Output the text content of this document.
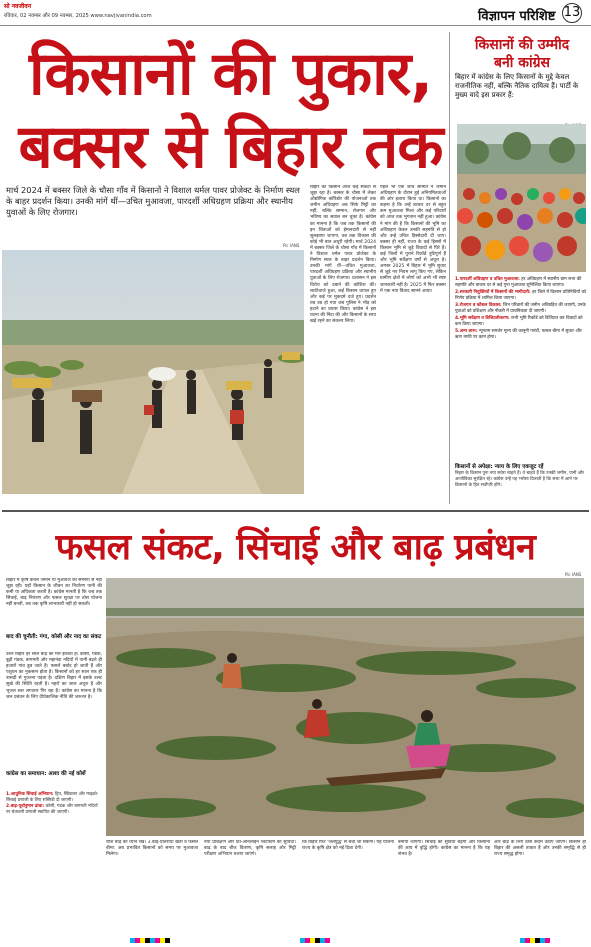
सो नवजीवन
रविवार, 02 नवम्बर और 09 नवम्बर, 2025 www.navjivanindia.com	विज्ञापन परिशिष्ट 13
किसानों की पुकार,
बक्सर से बिहार तक
मार्च 2024 में बक्सर जिले के चौसा गाँव में किसानों ने विशाल थर्मल पावर प्रोजेक्ट के निर्माण स्थल के बाहर प्रदर्शन किया। उनकी मांगें थीं—उचित मुआवजा, पारदर्शी अधिग्रहण प्रक्रिया और स्थानीय युवाओं के लिए रोजगार।
Pic IANS
बिहार का किसान आज कई संकटों से जूझ रहा है। बक्सर के चौसा में लेकर औद्योगिक कॉरिडोर की योजनाओं तक जमीन अधिग्रहण अब सिर्फ मिट्टी का नहीं, बल्कि सम्मान, रोजगार और भविष्य का सवाल बन चुका है। कांग्रेस का मानना है कि जब तक किसानों की इन चिंताओं को ईमानदारी से नहीं सुलझाया जाएगा, तब तक विकास की कोई भी बात अधूरी रहेगी। मार्च 2024 में बक्सर जिले के चौसा गाँव में किसानों ने विशाल थर्मल पावर प्रोजेक्ट के निर्माण स्थल के बाहर प्रदर्शन किया। उनकी मांगें थीं—उचित मुआवजा, पारदर्शी अधिग्रहण प्रक्रिया और स्थानीय युवाओं के लिए रोजगार। प्रशासन ने इस विरोध को दबाने की कोशिश की। लाठीचार्ज हुआ, कई किसान घायल हुए और कई पर मुकदमे दर्ज हुए। प्रदर्शन तब उग्र हो गया जब पुलिस ने भीड़ को हटाने का प्रयास किया। कांग्रेस ने इस घटना की निंदा की और किसानों के साथ खड़े रहने का संकल्प लिया।
पहले भी एक जांच समिति ने जमीन अधिग्रहण के दौरान हुई अनियमितताओं की ओर इशारा किया था। किसानों का कहना है कि उन्हें बाजार दर से बहुत कम मुआवजा मिला और कई परिवारों को आज तक भुगतान नहीं हुआ। कांग्रेस ने मांग की है कि किसानों की भूमि का अधिग्रहण केवल उनकी सहमति से हो और उन्हें उचित हिस्सेदारी दी जाए। बक्सर ही नहीं, राज्य के कई हिस्सों में किसान भूमि से जुड़े विवादों से घिरे हैं। कई जिलों में पुराने रिकॉर्ड त्रुटिपूर्ण हैं और भूमि सर्वेक्षण वर्षों से अधूरा है। अगस्त 2025 में बिहार में भूमि सुधार से जुड़े नए नियम लागू किए गए, लेकिन ग्रामीण क्षेत्रों में लोगों को अभी भी स्पष्ट जानकारी नहीं है। 2025 में फिर बक्सर में एक नया विवाद सामने आया।
किसानों की उम्मीद
बनी कांग्रेस
बिहार में कांग्रेस के लिए किसानों के मुद्दे केवल राजनीतिक नहीं, बल्कि नैतिक दायित्व हैं। पार्टी के मुख्य वादे इस प्रकार हैं:
1.पारदर्शी अधिग्रहण व उचित मुआवजा: हर अधिग्रहण में स्थानीय ग्राम सभा की सहमति और बाजार दर से कई गुना मुआवजा सुनिश्चित किया जाएगा।
2.सरकारी नियुक्तियों में किसानों की भागीदारी: हर जिले में किसान प्रतिनिधियों को निर्णय प्रक्रिया में शामिल किया जाएगा।
3.रोजगार व कौशल विकास: जिन परिवारों की जमीन अधिग्रहित की जाएगी, उनके युवाओं को प्रशिक्षण और नौकरी में प्राथमिकता दी जाएगी।
4.भूमि सर्वेक्षण व डिजिटलीकरण: सभी भूमि रिकॉर्ड को डिजिटल कर विवादों को कम किया जाएगा।
5.अन्य लाभ: न्यूनतम समर्थन मूल्य की कानूनी गारंटी, फसल बीमा में सुधार और ऋण माफी पर काम होगा।
किसानों से अपेक्षा: न्याय के लिए एकजुट रहें
बिहार के किसान पुनः नया सवेरा चाहते हैं। वे चाहते हैं कि उनकी जमीन, पानी और आजीविका सुरक्षित रहे। कांग्रेस उन्हें यह भरोसा दिलाती है कि सत्ता में आने पर किसानों के हित सर्वोपरि होंगे।
फसल संकट, सिंचाई और बाढ़ प्रबंधन
Pic IANS
बिहार में कृषि केवल जमीन या मुआवजे की समस्या से नहीं जूझ रही। यहाँ किसान के जीवन का निर्धारण पानी की कमी या अधिकता करती है। कांग्रेस मानती है कि जब तक सिंचाई, बाढ़ नियंत्रण और फसल सुरक्षा पर ठोस योजना नहीं बनती, तब तक कृषि लाभकारी नहीं हो सकती।
बाद की चुनौती: गंगा, कोसी और नाद का संकट
उत्तर बिहार हर साल बाढ़ की मार झेलता है। कोसी, गंडक, बूढ़ी गंडक, बागमती और महानंदा नदियों में पानी बढ़ते ही हजारों गांव डूब जाते हैं। फसलें बर्बाद हो जाती हैं और पशुधन का नुकसान होता है। किसानों को हर साल एक ही त्रासदी से गुजरना पड़ता है। दक्षिण बिहार में इसके उलट सूखे की स्थिति रहती है। नहरों का जाल अधूरा है और भूजल स्तर लगातार गिर रहा है। कांग्रेस का मानना है कि जल प्रबंधन के लिए दीर्घकालिक नीति की जरूरत है।
कांग्रेस का समाधान: आशा की नई कोशें
1.आधुनिक सिंचाई अभियान: ड्रिप, स्प्रिंकलर और माइक्रो-सिंचाई प्रणाली के लिए सब्सिडी दी जाएगी।
2.बाढ़-पूर्वानुमान ढांचा: कोसी, गंडक और बागमती नदियों पर चेतावनी प्रणाली स्थापित की जाएगी।
राशि बाढ़ का ध्यान रखें। 3.बाढ़-प्रतिरोधी खेती व फसल बीमा: अब प्रभावित किसानों को समय पर मुआवजा मिलेगा।
नया प्रशिक्षण और फ्री-ऑनलाइन प्लेटफॉर्म की सुविधा। बाढ़ के बाद बीज वितरण, कृषि सलाह और मिट्टी परीक्षण अभियान चलाए जाएंगे।
कि बिहार फिर 'जलयुद्ध' से बचा जा सकेगा। यह योजना राज्य के कृषि क्षेत्र को नई दिशा देगी।
बनाया जाएगा। सिंचाई की सुविधा बढ़ेगी और किसानों की आय में वृद्धि होगी। कांग्रेस का मानना है कि यह संभव है।
और बाढ़ के लिए ठोस कदम उठाए जाएंगे। किसान ही बिहार की असली ताकत हैं और उनकी समृद्धि से ही राज्य समृद्ध होगा।
